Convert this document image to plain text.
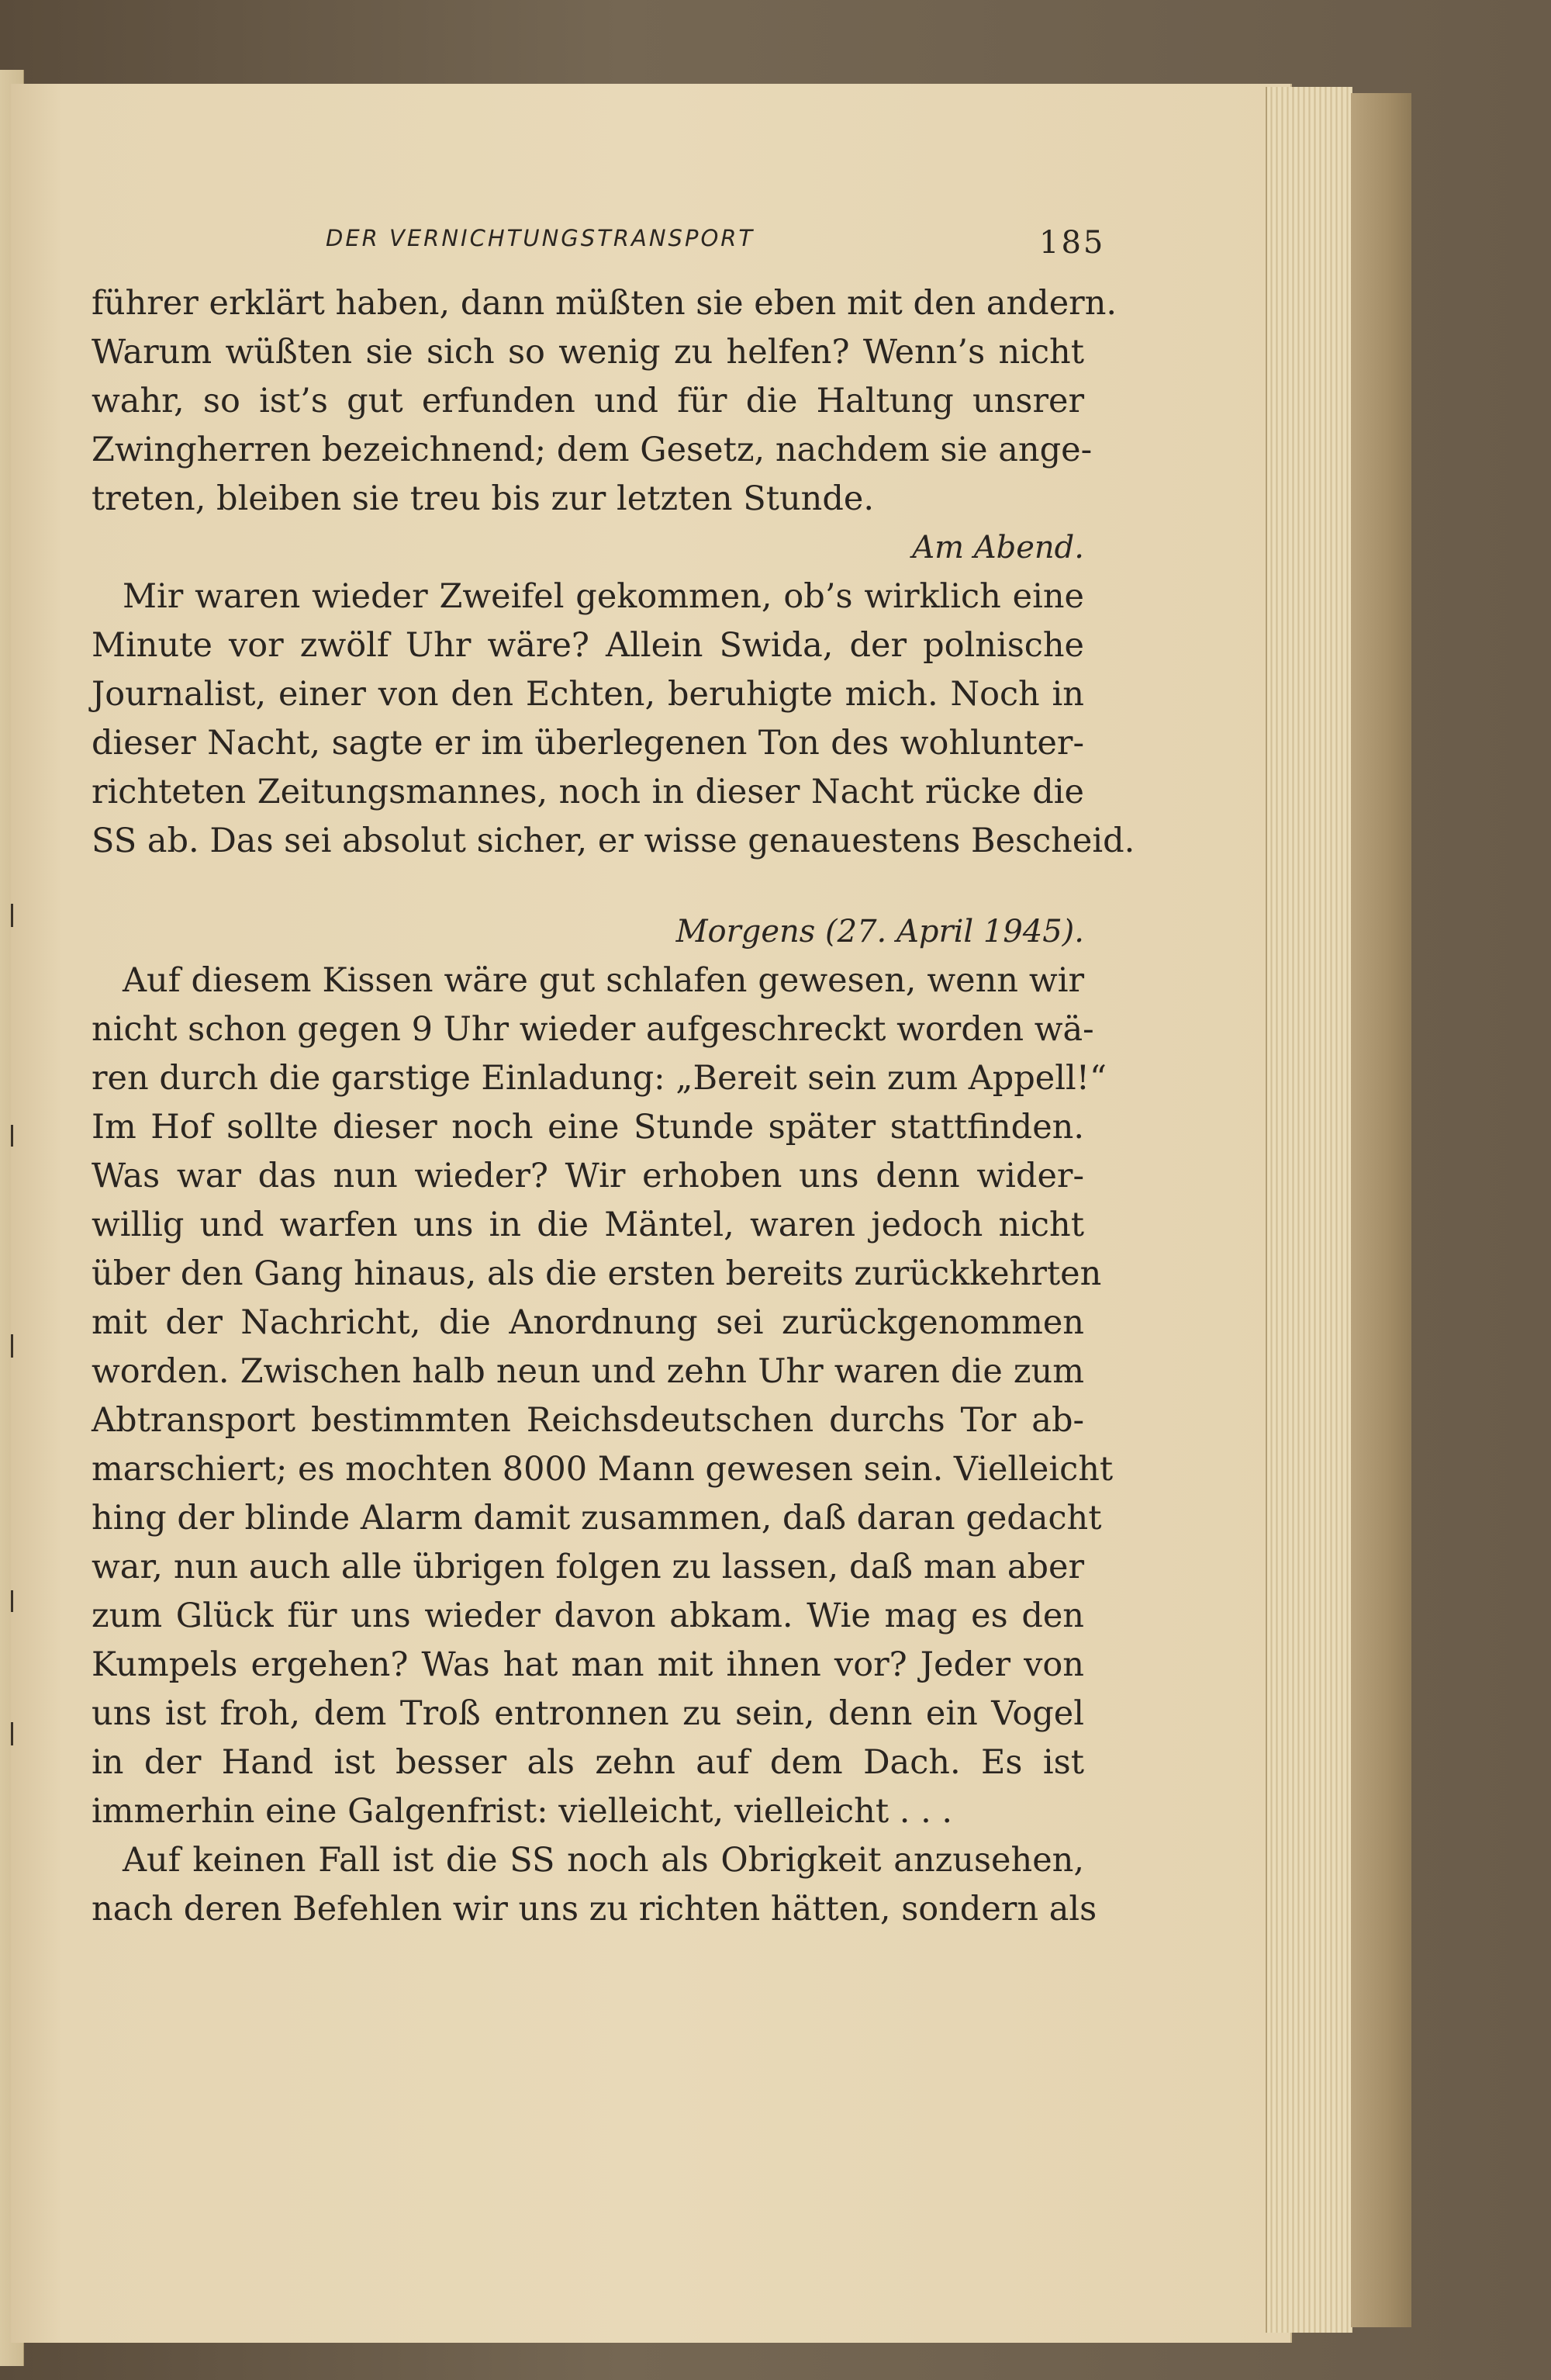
DER VERNICHTUNGSTRANSPORT	185
führer erklärt haben, dann müßten sie eben mit den andern.
Warum wüßten sie sich so wenig zu helfen? Wenn’s nicht
wahr, so ist’s gut erfunden und für die Haltung unsrer
Zwingherren bezeichnend; dem Gesetz, nachdem sie ange-
treten, bleiben sie treu bis zur letzten Stunde.
Am Abend.
Mir waren wieder Zweifel gekommen, ob’s wirklich eine
Minute vor zwölf Uhr wäre? Allein Swida, der polnische
Journalist, einer von den Echten, beruhigte mich. Noch in
dieser Nacht, sagte er im überlegenen Ton des wohlunter-
richteten Zeitungsmannes, noch in dieser Nacht rücke die
SS ab. Das sei absolut sicher, er wisse genauestens Bescheid.
Morgens (27. April 1945).
Auf diesem Kissen wäre gut schlafen gewesen, wenn wir
nicht schon gegen 9 Uhr wieder aufgeschreckt worden wä-
ren durch die garstige Einladung: „Bereit sein zum Appell!“
Im Hof sollte dieser noch eine Stunde später stattfinden.
Was war das nun wieder? Wir erhoben uns denn wider-
willig und warfen uns in die Mäntel, waren jedoch nicht
über den Gang hinaus, als die ersten bereits zurückkehrten
mit der Nachricht, die Anordnung sei zurückgenommen
worden. Zwischen halb neun und zehn Uhr waren die zum
Abtransport bestimmten Reichsdeutschen durchs Tor ab-
marschiert; es mochten 8000 Mann gewesen sein. Vielleicht
hing der blinde Alarm damit zusammen, daß daran gedacht
war, nun auch alle übrigen folgen zu lassen, daß man aber
zum Glück für uns wieder davon abkam. Wie mag es den
Kumpels ergehen? Was hat man mit ihnen vor? Jeder von
uns ist froh, dem Troß entronnen zu sein, denn ein Vogel
in der Hand ist besser als zehn auf dem Dach. Es ist
immerhin eine Galgenfrist: vielleicht, vielleicht . . .
Auf keinen Fall ist die SS noch als Obrigkeit anzusehen,
nach deren Befehlen wir uns zu richten hätten, sondern als
